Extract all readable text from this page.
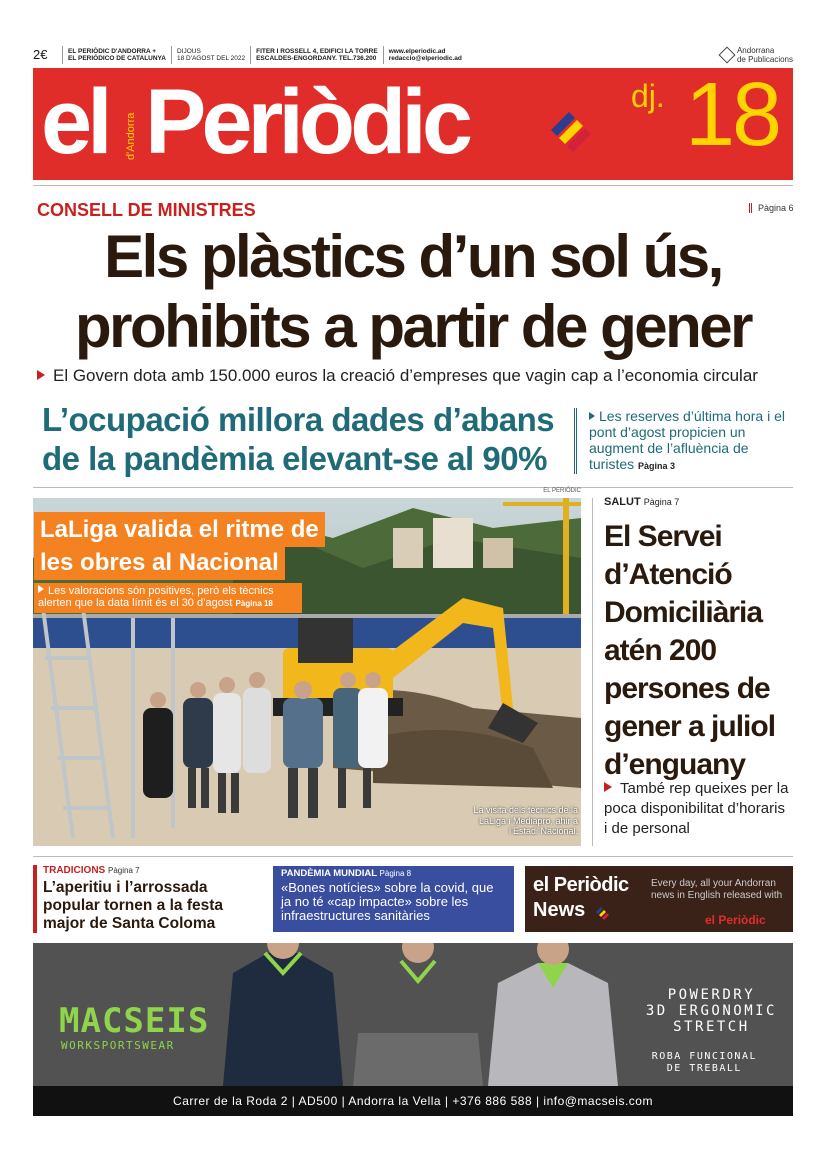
2€	EL PERIÒDIC D'ANDORRA +
EL PERIÓDICO DE CATALUNYA
DIJOUS
18 D'AGOST DEL 2022
FITER I ROSSELL 4, EDIFICI LA TORRE
ESCALDES-ENGORDANY. TEL.736.200
www.elperiodic.ad
redaccio@elperiodic.ad
Andorrana
de Publicacions
el d'Andorra Periòdic	dj. 18
CONSELL DE MINISTRES	Pàgina 6
Els plàstics d’un sol ús,
prohibits a partir de gener
El Govern dota amb 150.000 euros la creació d’empreses que vagin cap a l’economia circular
L’ocupació millora dades d’abans
de la pandèmia elevant-se al 90%
Les reserves d’última hora i el pont d’agost propicien un augment de l’afluència de turistes Pàgina 3
EL PERIÒDIC
LaLiga valida el ritme de
les obres al Nacional
Les valoracions són positives, però els tècnics alerten que la data límit és el 30 d’agost Pàgina 18
La visita dels tècnics de la LaLiga i Mediapro, ahir a l’Estadi Nacional.
SALUT Pàgina 7
El Servei d’Atenció Domiciliària atén 200 persones de gener a juliol d’enguany
També rep queixes per la poca disponibilitat d’horaris i de personal
TRADICIONS Pàgina 7
L’aperitiu i l’arrossada popular tornen a la festa major de Santa Coloma
PANDÈMIA MUNDIAL Pàgina 8
«Bones notícies» sobre la covid, que ja no té «cap impacte» sobre les infraestructures sanitàries
el Periòdic
News
Every day, all your Andorran news in English released with
el Periòdic
MACSEIS
WORKSPORTSWEAR
POWERDRY
3D ERGONOMIC
STRETCH
ROBA FUNCIONAL
DE TREBALL
Carrer de la Roda 2 | AD500 | Andorra la Vella | +376 886 588 | info@macseis.com
